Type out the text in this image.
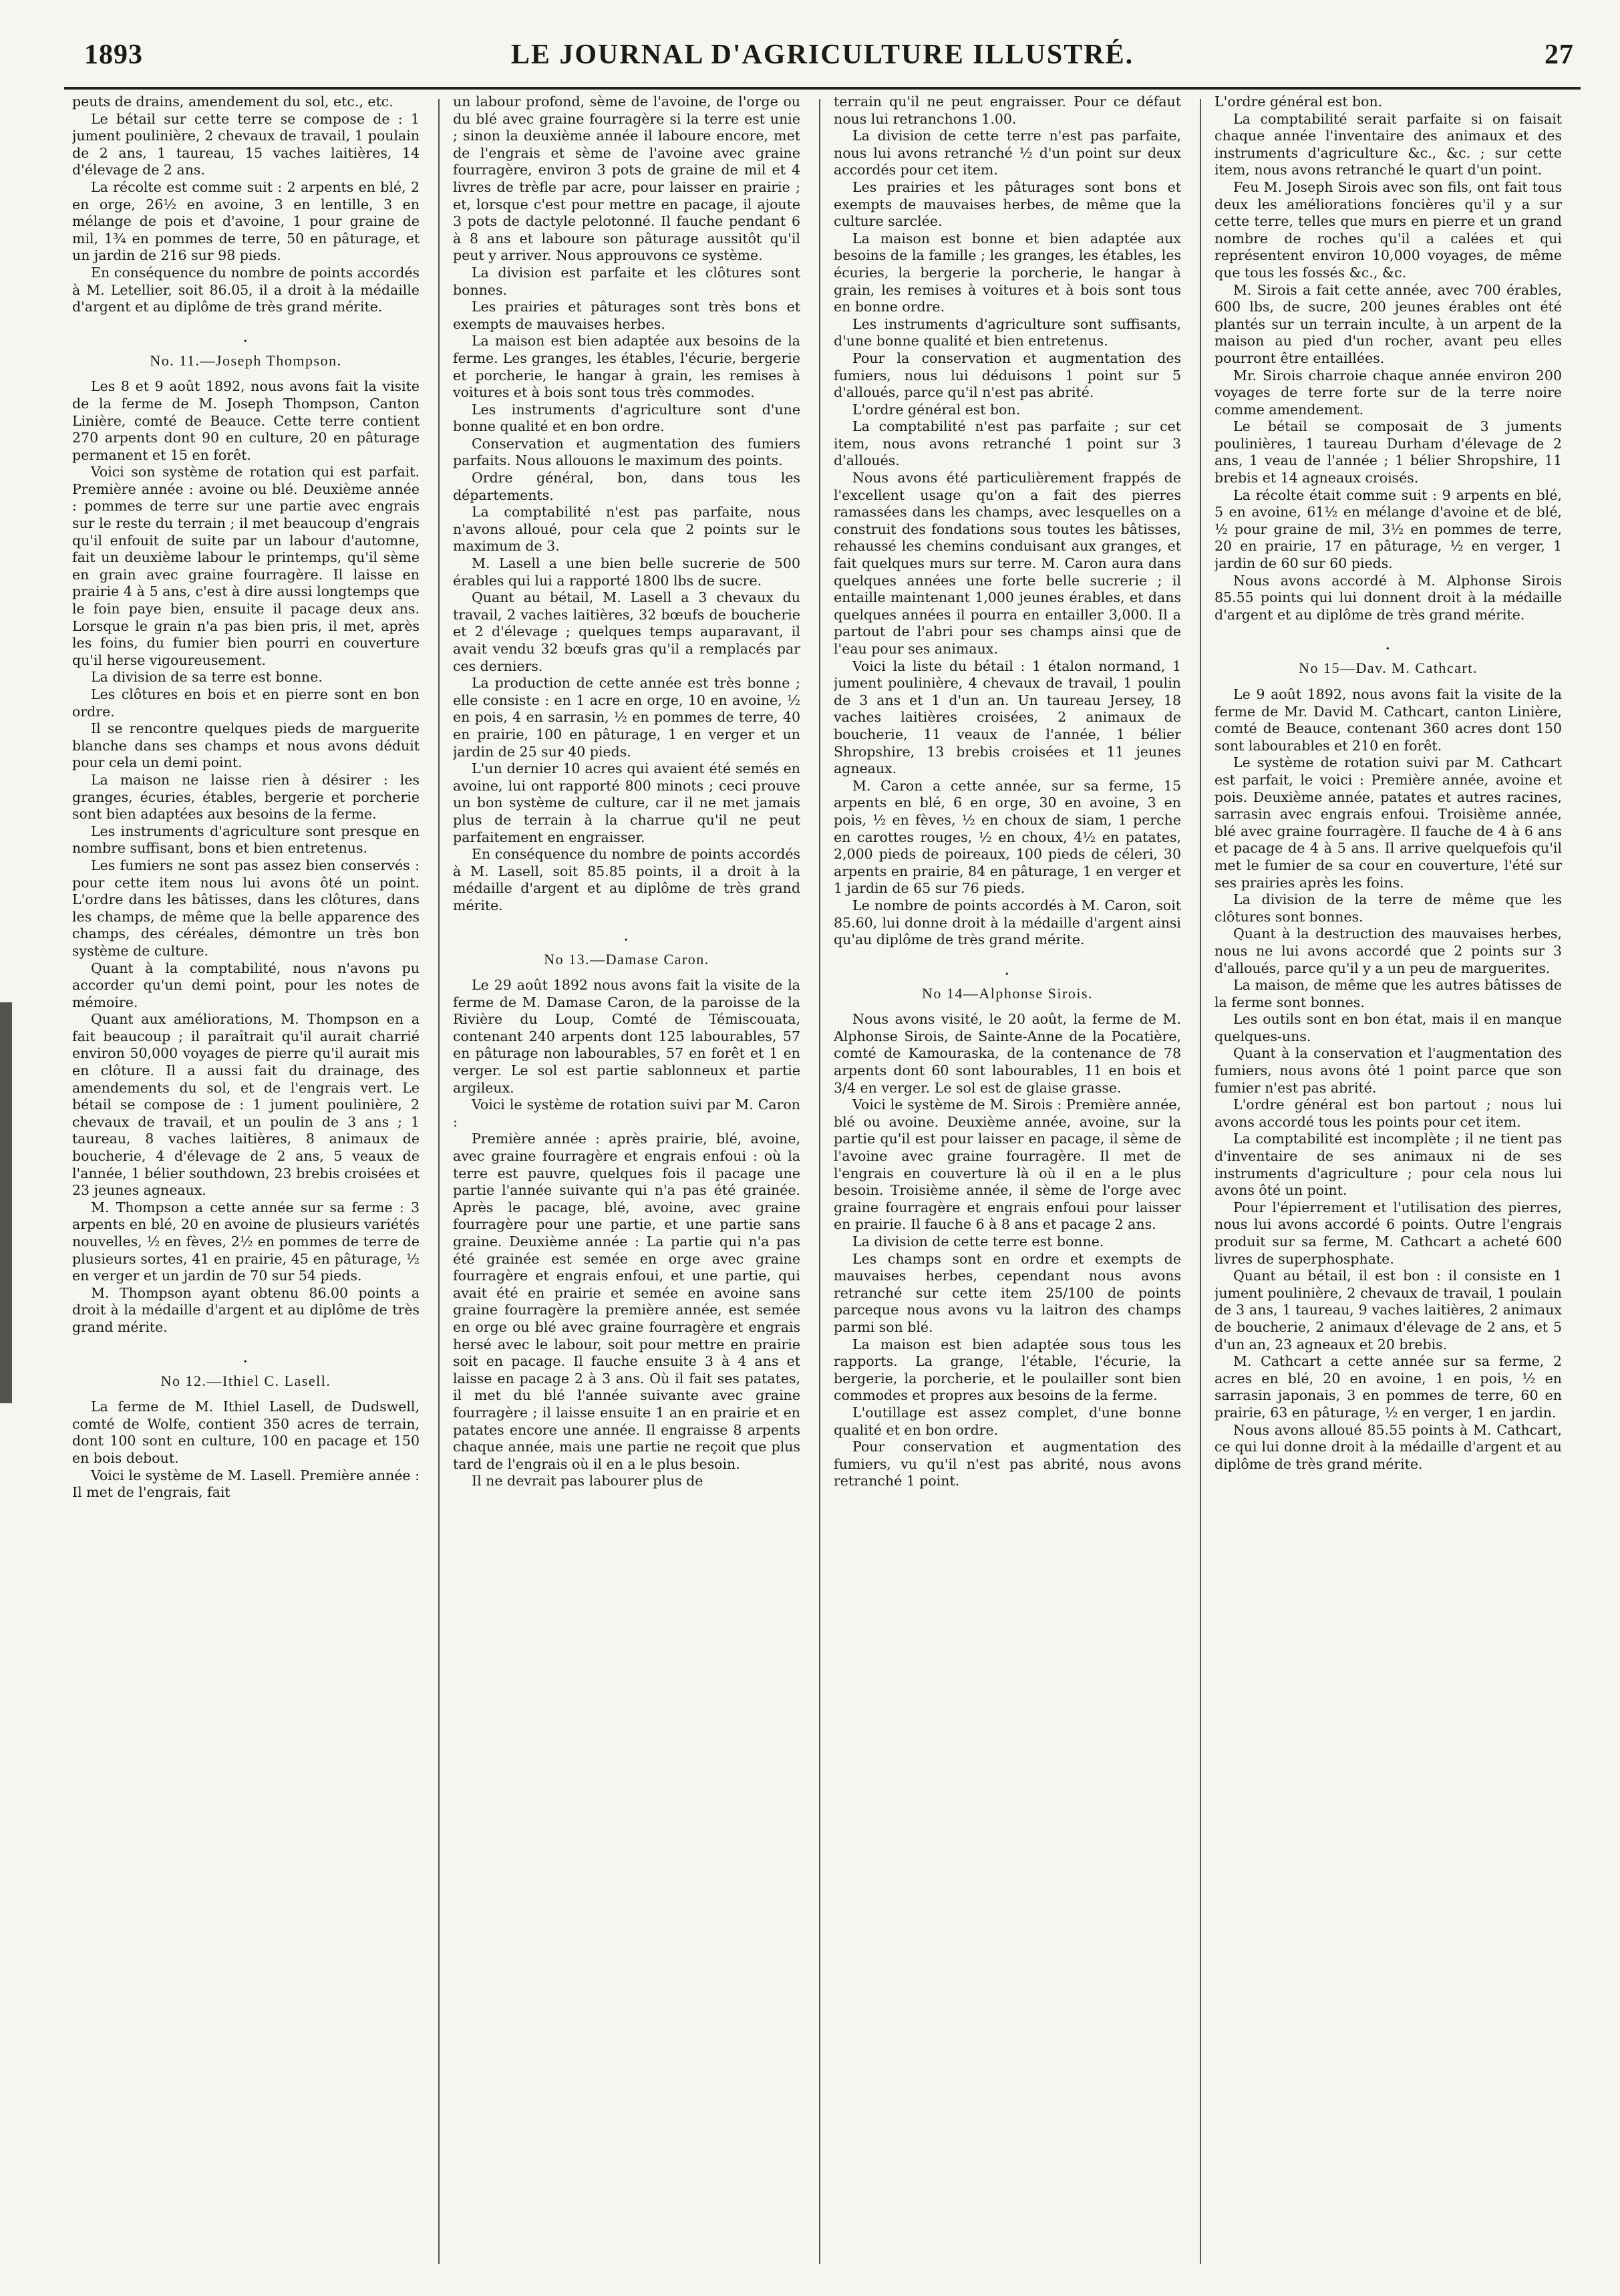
1893	LE JOURNAL D'AGRICULTURE ILLUSTRÉ.	27

peuts de drains, amendement du sol, etc., etc.

Le bétail sur cette terre se compose de : 1 jument poulinière, 2 chevaux de travail, 1 poulain de 2 ans, 1 taureau, 15 vaches laitières, 14 d'élevage de 2 ans.

La récolte est comme suit : 2 arpents en blé, 2 en orge, 26½ en avoine, 3 en lentille, 3 en mélange de pois et d'avoine, 1 pour graine de mil, 1¾ en pommes de terre, 50 en pâturage, et un jardin de 216 sur 98 pieds.

En conséquence du nombre de points accordés à M. Letellier, soit 86.05, il a droit à la médaille d'argent et au diplôme de très grand mérite.

• No. 11.—Joseph Thompson.

Les 8 et 9 août 1892, nous avons fait la visite de la ferme de M. Joseph Thompson, Canton Linière, comté de Beauce. Cette terre contient 270 arpents dont 90 en culture, 20 en pâturage permanent et 15 en forêt.

Voici son système de rotation qui est parfait. Première année : avoine ou blé. Deuxième année : pommes de terre sur une partie avec engrais sur le reste du terrain ; il met beaucoup d'engrais qu'il enfouit de suite par un labour d'automne, fait un deuxième labour le printemps, qu'il sème en grain avec graine fourragère. Il laisse en prairie 4 à 5 ans, c'est à dire aussi longtemps que le foin paye bien, ensuite il pacage deux ans. Lorsque le grain n'a pas bien pris, il met, après les foins, du fumier bien pourri en couverture qu'il herse vigoureusement.

La division de sa terre est bonne.

Les clôtures en bois et en pierre sont en bon ordre.

Il se rencontre quelques pieds de marguerite blanche dans ses champs et nous avons déduit pour cela un demi point.

La maison ne laisse rien à désirer : les granges, écuries, étables, bergerie et porcherie sont bien adaptées aux besoins de la ferme.

Les instruments d'agriculture sont presque en nombre suffisant, bons et bien entretenus.

Les fumiers ne sont pas assez bien conservés : pour cette item nous lui avons ôté un point. L'ordre dans les bâtisses, dans les clôtures, dans les champs, de même que la belle apparence des champs, des céréales, démontre un très bon système de culture.

Quant à la comptabilité, nous n'avons pu accorder qu'un demi point, pour les notes de mémoire.

Quant aux améliorations, M. Thompson en a fait beaucoup ; il paraîtrait qu'il aurait charrié environ 50,000 voyages de pierre qu'il aurait mis en clôture. Il a aussi fait du drainage, des amendements du sol, et de l'engrais vert. Le bétail se compose de : 1 jument poulinière, 2 chevaux de travail, et un poulin de 3 ans ; 1 taureau, 8 vaches laitières, 8 animaux de boucherie, 4 d'élevage de 2 ans, 5 veaux de l'année, 1 bélier southdown, 23 brebis croisées et 23 jeunes agneaux.

M. Thompson a cette année sur sa ferme : 3 arpents en blé, 20 en avoine de plusieurs variétés nouvelles, ½ en fèves, 2½ en pommes de terre de plusieurs sortes, 41 en prairie, 45 en pâturage, ½ en verger et un jardin de 70 sur 54 pieds.

M. Thompson ayant obtenu 86.00 points a droit à la médaille d'argent et au diplôme de très grand mérite.

• No 12.—Ithiel C. Lasell.

La ferme de M. Ithiel Lasell, de Dudswell, comté de Wolfe, contient 350 acres de terrain, dont 100 sont en culture, 100 en pacage et 150 en bois debout.

Voici le système de M. Lasell. Première année : Il met de l'engrais, fait

un labour profond, sème de l'avoine, de l'orge ou du blé avec graine fourragère si la terre est unie ; sinon la deuxième année il laboure encore, met de l'engrais et sème de l'avoine avec graine fourragère, environ 3 pots de graine de mil et 4 livres de trèfle par acre, pour laisser en prairie ; et, lorsque c'est pour mettre en pacage, il ajoute 3 pots de dactyle pelotonné. Il fauche pendant 6 à 8 ans et laboure son pâturage aussitôt qu'il peut y arriver. Nous approuvons ce système.

La division est parfaite et les clôtures sont bonnes.

Les prairies et pâturages sont très bons et exempts de mauvaises herbes.

La maison est bien adaptée aux besoins de la ferme. Les granges, les étables, l'écurie, bergerie et porcherie, le hangar à grain, les remises à voitures et à bois sont tous très commodes.

Les instruments d'agriculture sont d'une bonne qualité et en bon ordre.

Conservation et augmentation des fumiers parfaits. Nous allouons le maximum des points.

Ordre général, bon, dans tous les départements.

La comptabilité n'est pas parfaite, nous n'avons alloué, pour cela que 2 points sur le maximum de 3.

M. Lasell a une bien belle sucrerie de 500 érables qui lui a rapporté 1800 lbs de sucre.

Quant au bétail, M. Lasell a 3 chevaux du travail, 2 vaches laitières, 32 bœufs de boucherie et 2 d'élevage ; quelques temps auparavant, il avait vendu 32 bœufs gras qu'il a remplacés par ces derniers.

La production de cette année est très bonne ; elle consiste : en 1 acre en orge, 10 en avoine, ½ en pois, 4 en sarrasin, ½ en pommes de terre, 40 en prairie, 100 en pâturage, 1 en verger et un jardin de 25 sur 40 pieds.

L'un dernier 10 acres qui avaient été semés en avoine, lui ont rapporté 800 minots ; ceci prouve un bon système de culture, car il ne met jamais plus de terrain à la charrue qu'il ne peut parfaitement en engraisser.

En conséquence du nombre de points accordés à M. Lasell, soit 85.85 points, il a droit à la médaille d'argent et au diplôme de très grand mérite.

• No 13.—Damase Caron.

Le 29 août 1892 nous avons fait la visite de la ferme de M. Damase Caron, de la paroisse de la Rivière du Loup, Comté de Témiscouata, contenant 240 arpents dont 125 labourables, 57 en pâturage non labourables, 57 en forêt et 1 en verger. Le sol est partie sablonneux et partie argileux.

Voici le système de rotation suivi par M. Caron :

Première année : après prairie, blé, avoine, avec graine fourragère et engrais enfoui : où la terre est pauvre, quelques fois il pacage une partie l'année suivante qui n'a pas été grainée. Après le pacage, blé, avoine, avec graine fourragère pour une partie, et une partie sans graine. Deuxième année : La partie qui n'a pas été grainée est semée en orge avec graine fourragère et engrais enfoui, et une partie, qui avait été en prairie et semée en avoine sans graine fourragère la première année, est semée en orge ou blé avec graine fourragère et engrais hersé avec le labour, soit pour mettre en prairie soit en pacage. Il fauche ensuite 3 à 4 ans et laisse en pacage 2 à 3 ans. Où il fait ses patates, il met du blé l'année suivante avec graine fourragère ; il laisse ensuite 1 an en prairie et en patates encore une année. Il engraisse 8 arpents chaque année, mais une partie ne reçoit que plus tard de l'engrais où il en a le plus besoin.

Il ne devrait pas labourer plus de

terrain qu'il ne peut engraisser. Pour ce défaut nous lui retranchons 1.00.

La division de cette terre n'est pas parfaite, nous lui avons retranché ½ d'un point sur deux accordés pour cet item.

Les prairies et les pâturages sont bons et exempts de mauvaises herbes, de même que la culture sarclée.

La maison est bonne et bien adaptée aux besoins de la famille ; les granges, les étables, les écuries, la bergerie la porcherie, le hangar à grain, les remises à voitures et à bois sont tous en bonne ordre.

Les instruments d'agriculture sont suffisants, d'une bonne qualité et bien entretenus.

Pour la conservation et augmentation des fumiers, nous lui déduisons 1 point sur 5 d'alloués, parce qu'il n'est pas abrité.

L'ordre général est bon.

La comptabilité n'est pas parfaite ; sur cet item, nous avons retranché 1 point sur 3 d'alloués.

Nous avons été particulièrement frappés de l'excellent usage qu'on a fait des pierres ramassées dans les champs, avec lesquelles on a construit des fondations sous toutes les bâtisses, rehaussé les chemins conduisant aux granges, et fait quelques murs sur terre. M. Caron aura dans quelques années une forte belle sucrerie ; il entaille maintenant 1,000 jeunes érables, et dans quelques années il pourra en entailler 3,000. Il a partout de l'abri pour ses champs ainsi que de l'eau pour ses animaux.

Voici la liste du bétail : 1 étalon normand, 1 jument poulinière, 4 chevaux de travail, 1 poulin de 3 ans et 1 d'un an. Un taureau Jersey, 18 vaches laitières croisées, 2 animaux de boucherie, 11 veaux de l'année, 1 bélier Shropshire, 13 brebis croisées et 11 jeunes agneaux.

M. Caron a cette année, sur sa ferme, 15 arpents en blé, 6 en orge, 30 en avoine, 3 en pois, ½ en fèves, ½ en choux de siam, 1 perche en carottes rouges, ½ en choux, 4½ en patates, 2,000 pieds de poireaux, 100 pieds de céleri, 30 arpents en prairie, 84 en pâturage, 1 en verger et 1 jardin de 65 sur 76 pieds.

Le nombre de points accordés à M. Caron, soit 85.60, lui donne droit à la médaille d'argent ainsi qu'au diplôme de très grand mérite.

• No 14—Alphonse Sirois.

Nous avons visité, le 20 août, la ferme de M. Alphonse Sirois, de Sainte-Anne de la Pocatière, comté de Kamouraska, de la contenance de 78 arpents dont 60 sont labourables, 11 en bois et 3/4 en verger. Le sol est de glaise grasse.

Voici le système de M. Sirois : Première année, blé ou avoine. Deuxième année, avoine, sur la partie qu'il est pour laisser en pacage, il sème de l'avoine avec graine fourragère. Il met de l'engrais en couverture là où il en a le plus besoin. Troisième année, il sème de l'orge avec graine fourragère et engrais enfoui pour laisser en prairie. Il fauche 6 à 8 ans et pacage 2 ans.

La division de cette terre est bonne.

Les champs sont en ordre et exempts de mauvaises herbes, cependant nous avons retranché sur cette item 25/100 de points parceque nous avons vu la laitron des champs parmi son blé.

La maison est bien adaptée sous tous les rapports. La grange, l'étable, l'écurie, la bergerie, la porcherie, et le poulailler sont bien commodes et propres aux besoins de la ferme.

L'outillage est assez complet, d'une bonne qualité et en bon ordre.

Pour conservation et augmentation des fumiers, vu qu'il n'est pas abrité, nous avons retranché 1 point.

L'ordre général est bon.

La comptabilité serait parfaite si on faisait chaque année l'inventaire des animaux et des instruments d'agriculture &c., &c. ; sur cette item, nous avons retranché le quart d'un point.

Feu M. Joseph Sirois avec son fils, ont fait tous deux les améliorations foncières qu'il y a sur cette terre, telles que murs en pierre et un grand nombre de roches qu'il a calées et qui représentent environ 10,000 voyages, de même que tous les fossés &c., &c.

M. Sirois a fait cette année, avec 700 érables, 600 lbs, de sucre, 200 jeunes érables ont été plantés sur un terrain inculte, à un arpent de la maison au pied d'un rocher, avant peu elles pourront être entaillées.

Mr. Sirois charroie chaque année environ 200 voyages de terre forte sur de la terre noire comme amendement.

Le bétail se composait de 3 juments poulinières, 1 taureau Durham d'élevage de 2 ans, 1 veau de l'année ; 1 bélier Shropshire, 11 brebis et 14 agneaux croisés.

La récolte était comme suit : 9 arpents en blé, 5 en avoine, 61½ en mélange d'avoine et de blé, ½ pour graine de mil, 3½ en pommes de terre, 20 en prairie, 17 en pâturage, ½ en verger, 1 jardin de 60 sur 60 pieds.

Nous avons accordé à M. Alphonse Sirois 85.55 points qui lui donnent droit à la médaille d'argent et au diplôme de très grand mérite.

• No 15—Dav. M. Cathcart.

Le 9 août 1892, nous avons fait la visite de la ferme de Mr. David M. Cathcart, canton Linière, comté de Beauce, contenant 360 acres dont 150 sont labourables et 210 en forêt.

Le système de rotation suivi par M. Cathcart est parfait, le voici : Première année, avoine et pois. Deuxième année, patates et autres racines, sarrasin avec engrais enfoui. Troisième année, blé avec graine fourragère. Il fauche de 4 à 6 ans et pacage de 4 à 5 ans. Il arrive quelquefois qu'il met le fumier de sa cour en couverture, l'été sur ses prairies après les foins.

La division de la terre de même que les clôtures sont bonnes.

Quant à la destruction des mauvaises herbes, nous ne lui avons accordé que 2 points sur 3 d'alloués, parce qu'il y a un peu de marguerites.

La maison, de même que les autres bâtisses de la ferme sont bonnes.

Les outils sont en bon état, mais il en manque quelques-uns.

Quant à la conservation et l'augmentation des fumiers, nous avons ôté 1 point parce que son fumier n'est pas abrité.

L'ordre général est bon partout ; nous lui avons accordé tous les points pour cet item.

La comptabilité est incomplète ; il ne tient pas d'inventaire de ses animaux ni de ses instruments d'agriculture ; pour cela nous lui avons ôté un point.

Pour l'épierrement et l'utilisation des pierres, nous lui avons accordé 6 points. Outre l'engrais produit sur sa ferme, M. Cathcart a acheté 600 livres de superphosphate.

Quant au bétail, il est bon : il consiste en 1 jument poulinière, 2 chevaux de travail, 1 poulain de 3 ans, 1 taureau, 9 vaches laitières, 2 animaux de boucherie, 2 animaux d'élevage de 2 ans, et 5 d'un an, 23 agneaux et 20 brebis.

M. Cathcart a cette année sur sa ferme, 2 acres en blé, 20 en avoine, 1 en pois, ½ en sarrasin japonais, 3 en pommes de terre, 60 en prairie, 63 en pâturage, ½ en verger, 1 en jardin.

Nous avons alloué 85.55 points à M. Cathcart, ce qui lui donne droit à la médaille d'argent et au diplôme de très grand mérite.
